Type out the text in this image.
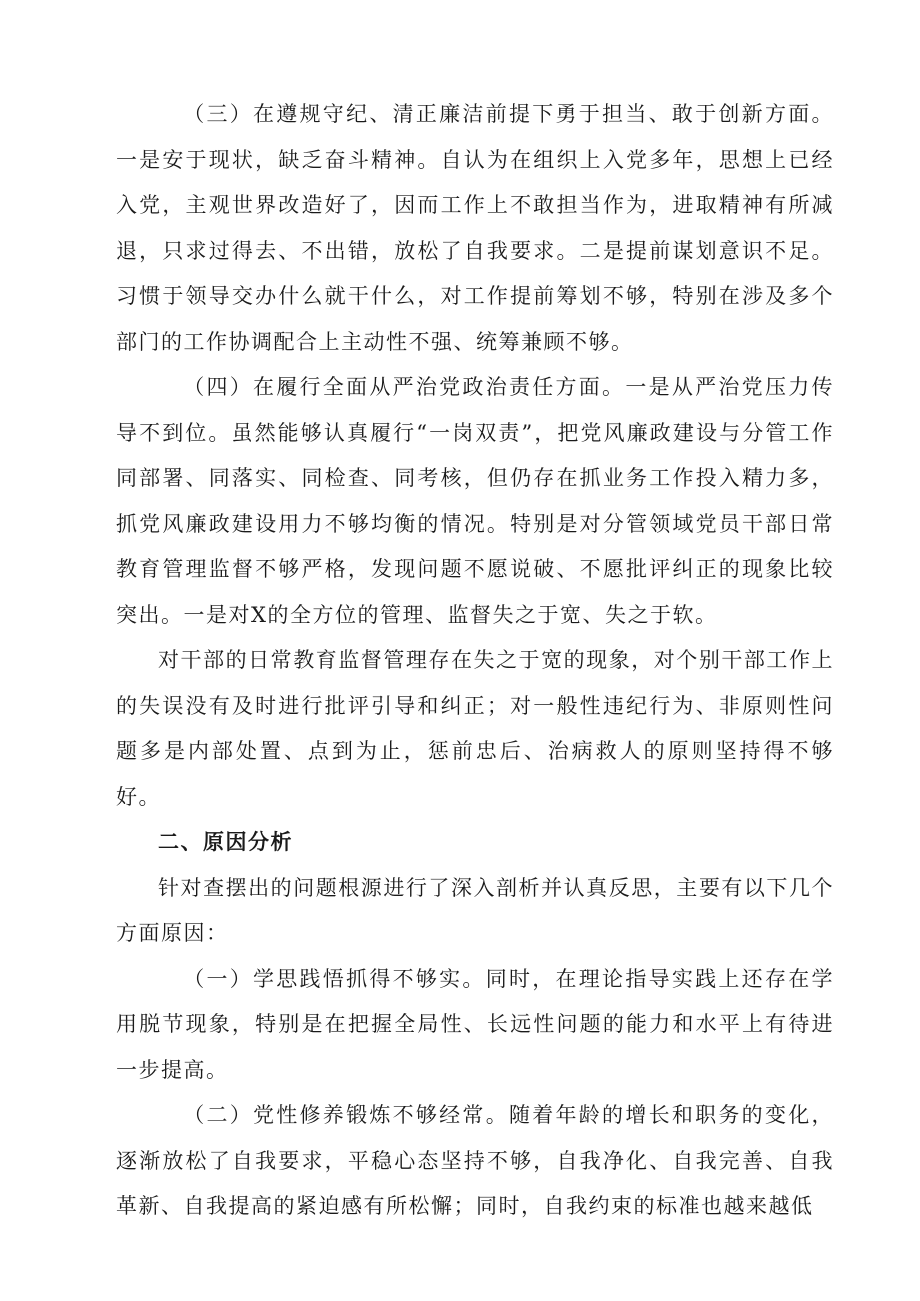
（三）在遵规守纪、清正廉洁前提下勇于担当、敢于创新方面。一是安于现状，缺乏奋斗精神。自认为在组织上入党多年，思想上已经入党，主观世界改造好了，因而工作上不敢担当作为，进取精神有所减退，只求过得去、不出错，放松了自我要求。二是提前谋划意识不足。习惯于领导交办什么就干什么，对工作提前筹划不够，特别在涉及多个部门的工作协调配合上主动性不强、统筹兼顾不够。

（四）在履行全面从严治党政治责任方面。一是从严治党压力传导不到位。虽然能够认真履行“一岗双责”，把党风廉政建设与分管工作同部署、同落实、同检查、同考核，但仍存在抓业务工作投入精力多，抓党风廉政建设用力不够均衡的情况。特别是对分管领域党员干部日常教育管理监督不够严格，发现问题不愿说破、不愿批评纠正的现象比较突出。一是对X的全方位的管理、监督失之于宽、失之于软。

对干部的日常教育监督管理存在失之于宽的现象，对个别干部工作上的失误没有及时进行批评引导和纠正；对一般性违纪行为、非原则性问题多是内部处置、点到为止，惩前忠后、治病救人的原则坚持得不够好。

二、原因分析

针对查摆出的问题根源进行了深入剖析并认真反思，主要有以下几个方面原因：

（一）学思践悟抓得不够实。同时，在理论指导实践上还存在学用脱节现象，特别是在把握全局性、长远性问题的能力和水平上有待进一步提高。

（二）党性修养锻炼不够经常。随着年龄的增长和职务的变化，逐渐放松了自我要求，平稳心态坚持不够，自我净化、自我完善、自我革新、自我提高的紧迫感有所松懈；同时，自我约束的标准也越来越低
